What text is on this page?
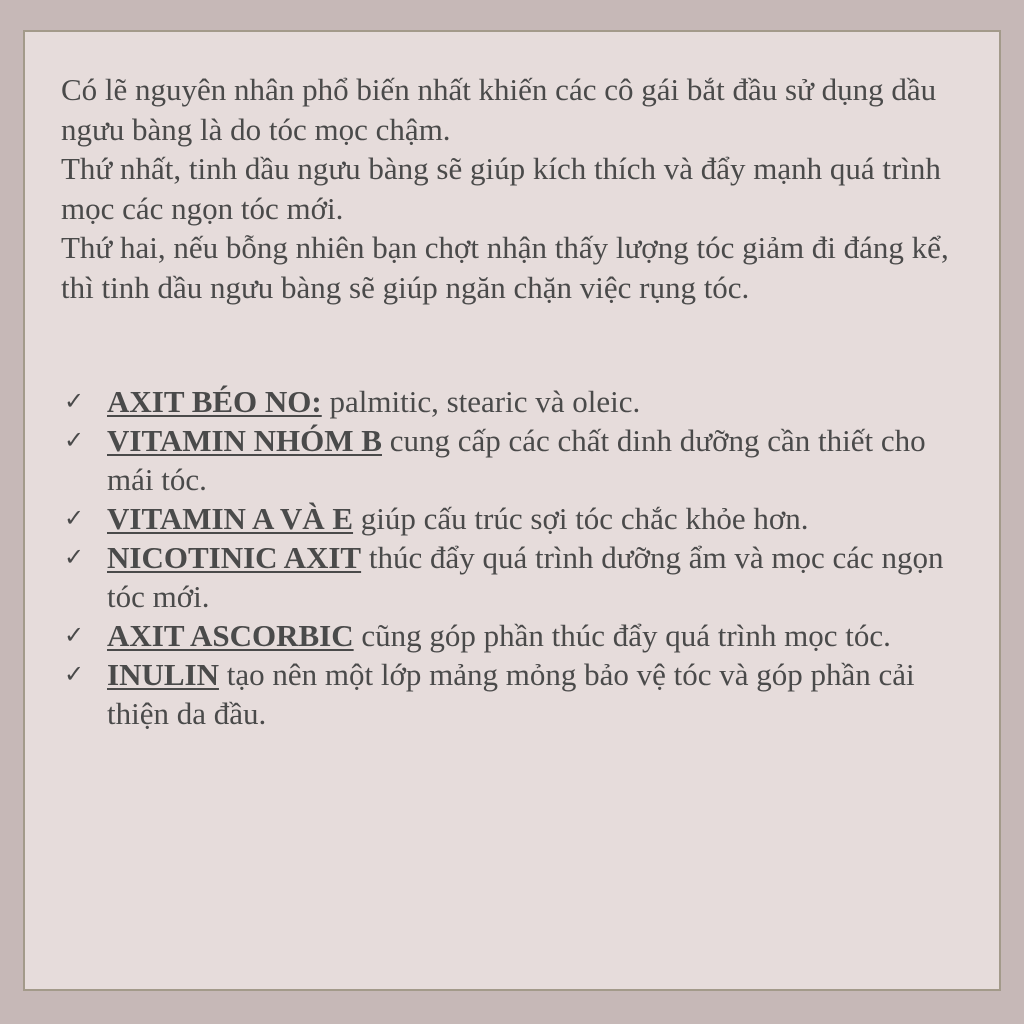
Có lẽ nguyên nhân phổ biến nhất khiến các cô gái bắt đầu sử dụng dầu ngưu bàng là do tóc mọc chậm.

Thứ nhất, tinh dầu ngưu bàng sẽ giúp kích thích và đẩy mạnh quá trình mọc các ngọn tóc mới.

Thứ hai, nếu bỗng nhiên bạn chợt nhận thấy lượng tóc giảm đi đáng kể, thì tinh dầu ngưu bàng sẽ giúp ngăn chặn việc rụng tóc.

✓ AXIT BÉO NO: palmitic, stearic và oleic.
✓ VITAMIN NHÓM B cung cấp các chất dinh dưỡng cần thiết cho mái tóc.
✓ VITAMIN A VÀ E giúp cấu trúc sợi tóc chắc khỏe hơn.
✓ NICOTINIC AXIT thúc đẩy quá trình dưỡng ẩm và mọc các ngọn tóc mới.
✓ AXIT ASCORBIC cũng góp phần thúc đẩy quá trình mọc tóc.
✓ INULIN tạo nên một lớp mảng mỏng bảo vệ tóc và góp phần cải thiện da đầu.
